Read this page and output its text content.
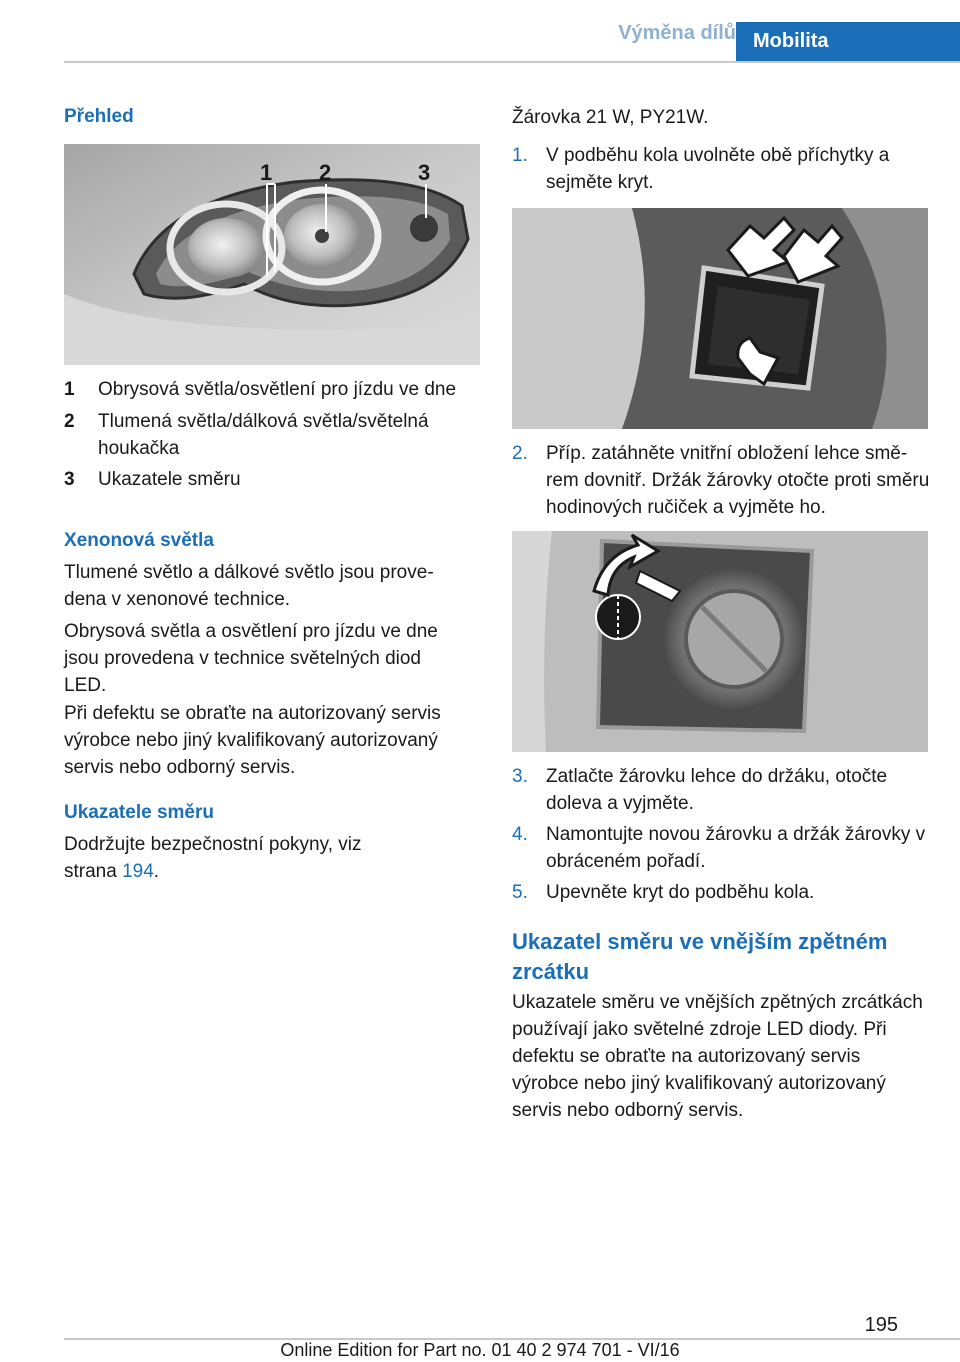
Výměna dílů Mobilita
Přehled
1 2	3
1 Obrysová světla/osvětlení pro jízdu ve dne
2 Tlumená světla/dálková světla/světelná houkačka
3 Ukazatele směru
Xenonová světla
Tlumené světlo a dálkové světlo jsou provedena v xenonové technice.
Obrysová světla a osvětlení pro jízdu ve dne jsou provedena v technice světelných diod LED.
Při defektu se obraťte na autorizovaný servis výrobce nebo jiný kvalifikovaný autorizovaný servis nebo odborný servis.
Ukazatele směru
Dodržujte bezpečnostní pokyny, viz strana 194.
Žárovka 21 W, PY21W.
1. V podběhu kola uvolněte obě příchytky a sejměte kryt.
2. Příp. zatáhněte vnitřní obložení lehce směrem dovnitř. Držák žárovky otočte proti směru hodinových ručiček a vyjměte ho.
3. Zatlačte žárovku lehce do držáku, otočte doleva a vyjměte.
4. Namontujte novou žárovku a držák žárovky v obráceném pořadí.
5. Upevněte kryt do podběhu kola.
Ukazatel směru ve vnějším zpětném zrcátku
Ukazatele směru ve vnějších zpětných zrcátkách používají jako světelné zdroje LED diody. Při defektu se obraťte na autorizovaný servis výrobce nebo jiný kvalifikovaný autorizovaný servis nebo odborný servis.
195
Online Edition for Part no. 01 40 2 974 701 - VI/16
